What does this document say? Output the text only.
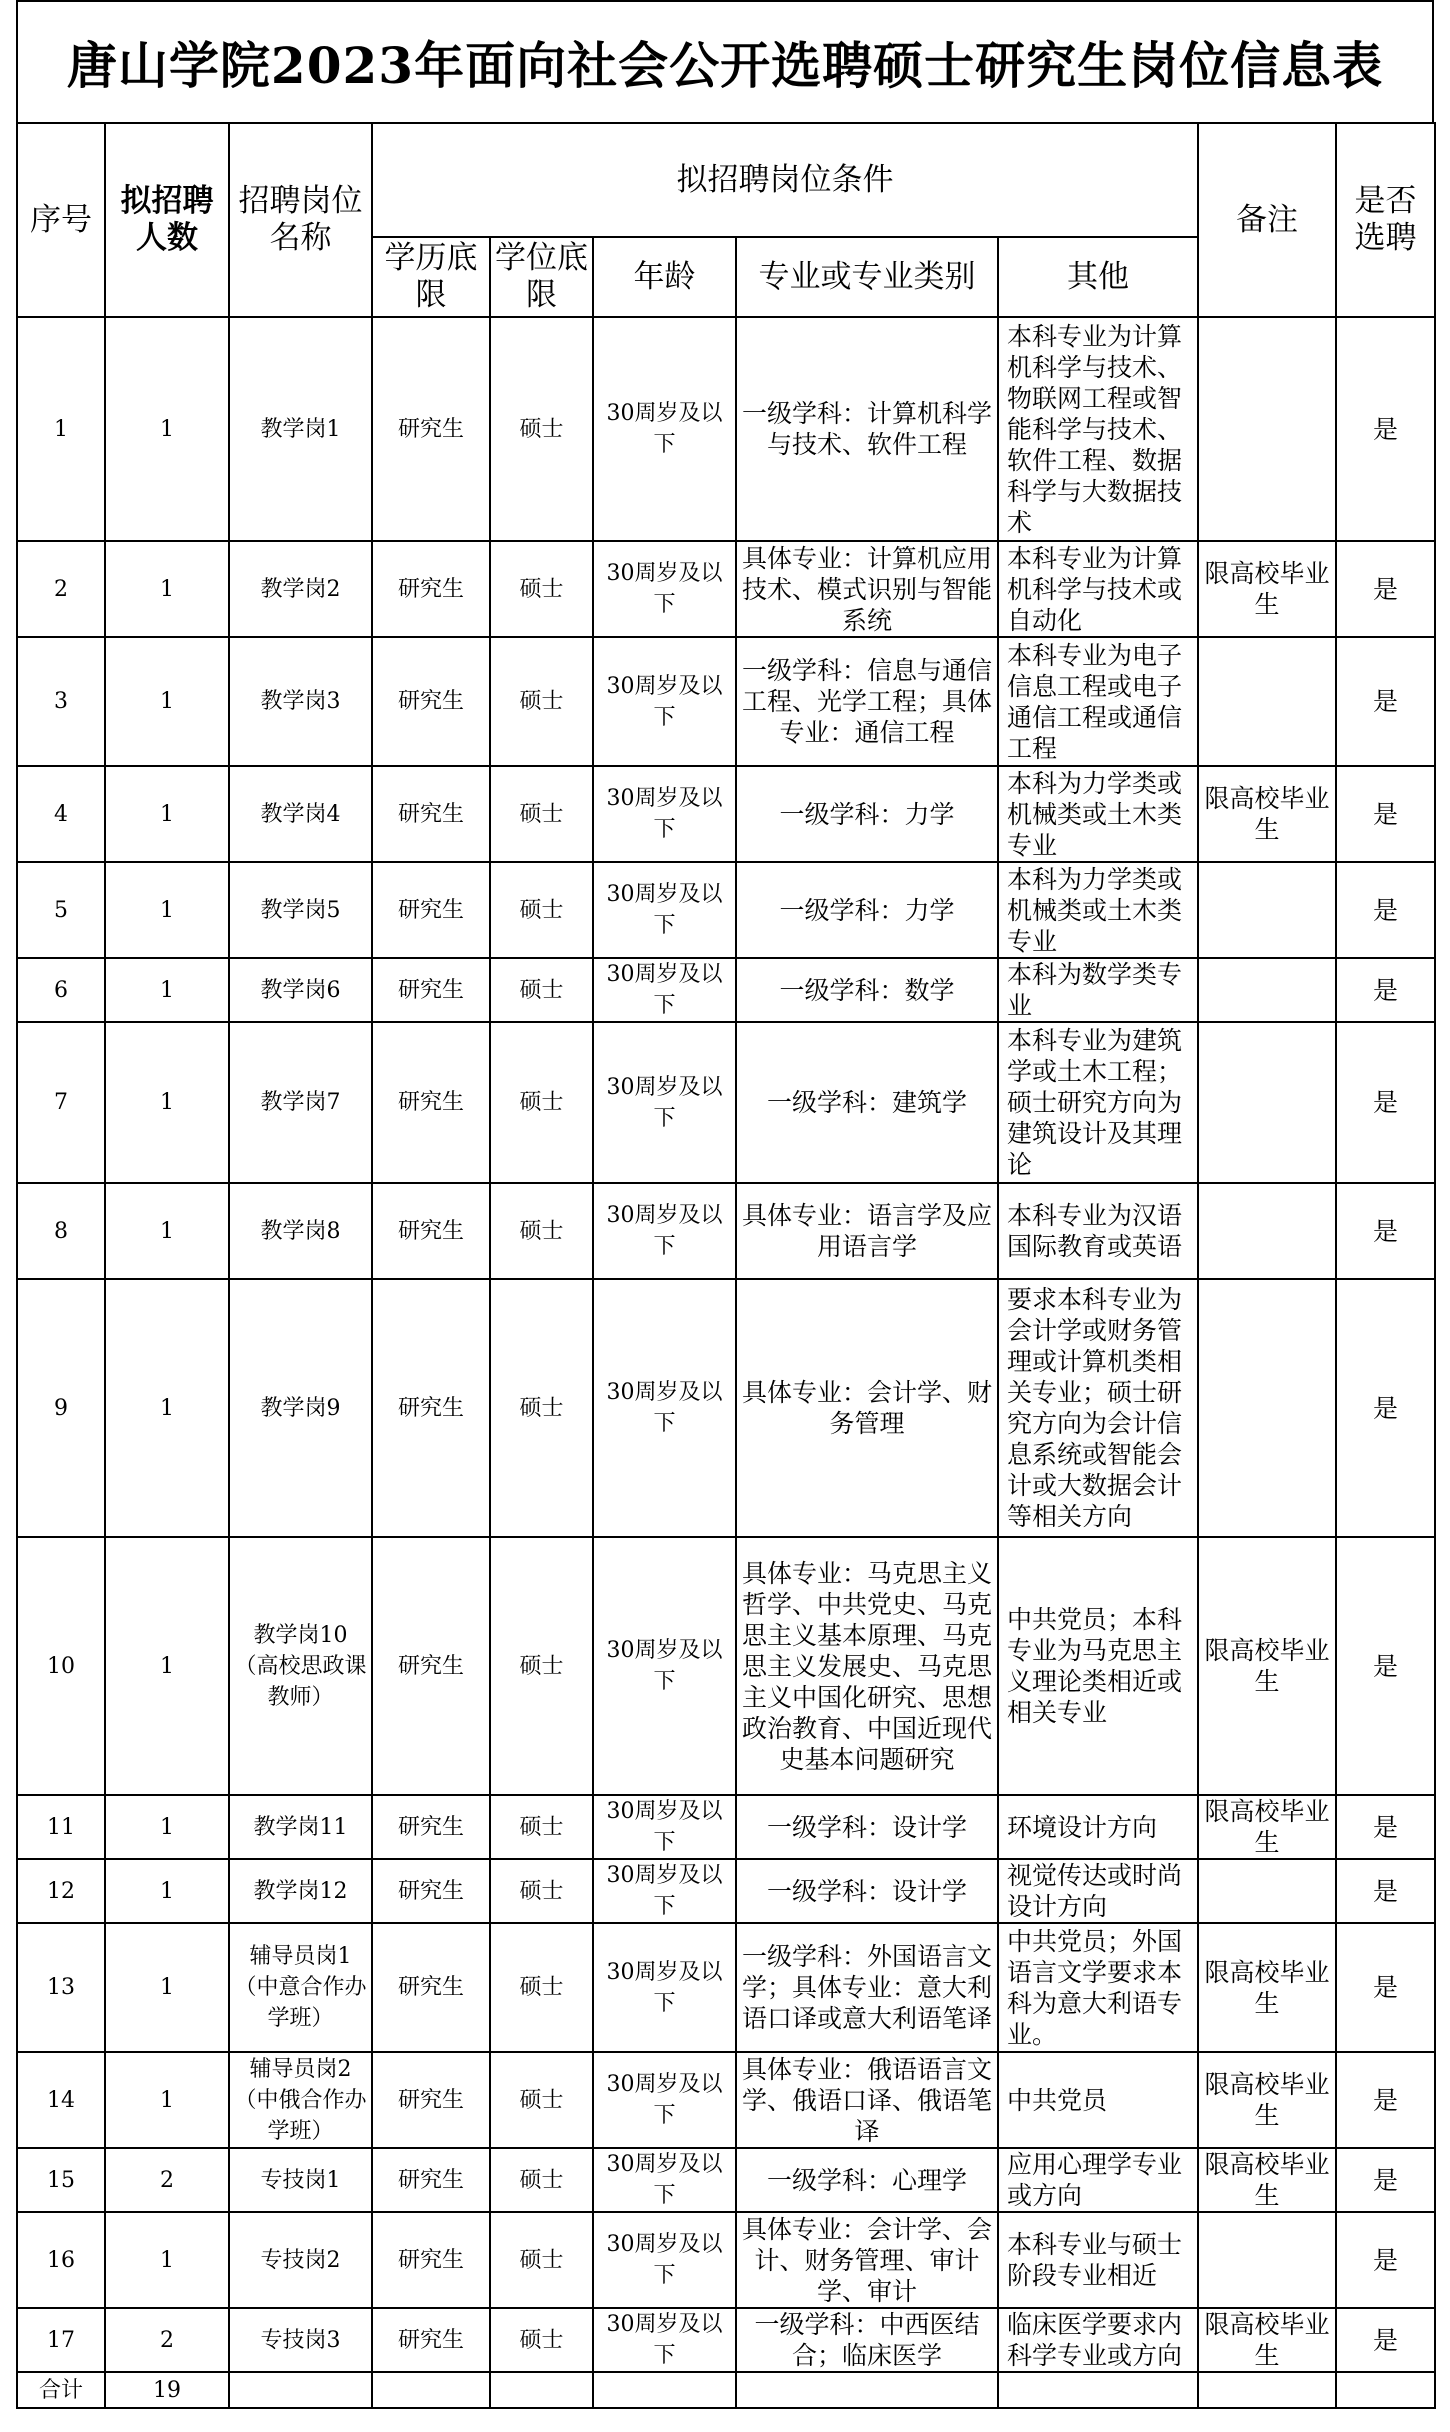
唐山学院2023年面向社会公开选聘硕士研究生岗位信息表
序号	拟招聘人数	招聘岗位名称	拟招聘岗位条件					备注	是否选聘
			学历底限	学位底限	年龄	专业或专业类别	其他		
1	1	教学岗1	研究生	硕士	30周岁及以下	一级学科：计算机科学与技术、软件工程	本科专业为计算机科学与技术、物联网工程或智能科学与技术、软件工程、数据科学与大数据技术		是
2	1	教学岗2	研究生	硕士	30周岁及以下	具体专业：计算机应用技术、模式识别与智能系统	本科专业为计算机科学与技术或自动化	限高校毕业生	是
3	1	教学岗3	研究生	硕士	30周岁及以下	一级学科：信息与通信工程、光学工程；具体专业：通信工程	本科专业为电子信息工程或电子通信工程或通信工程		是
4	1	教学岗4	研究生	硕士	30周岁及以下	一级学科：力学	本科为力学类或机械类或土木类专业	限高校毕业生	是
5	1	教学岗5	研究生	硕士	30周岁及以下	一级学科：力学	本科为力学类或机械类或土木类专业		是
6	1	教学岗6	研究生	硕士	30周岁及以下	一级学科：数学	本科为数学类专业		是
7	1	教学岗7	研究生	硕士	30周岁及以下	一级学科：建筑学	本科专业为建筑学或土木工程；硕士研究方向为建筑设计及其理论		是
8	1	教学岗8	研究生	硕士	30周岁及以下	具体专业：语言学及应用语言学	本科专业为汉语国际教育或英语		是
9	1	教学岗9	研究生	硕士	30周岁及以下	具体专业：会计学、财务管理	要求本科专业为会计学或财务管理或计算机类相关专业；硕士研究方向为会计信息系统或智能会计或大数据会计等相关方向		是
10	1	教学岗10（高校思政课教师）	研究生	硕士	30周岁及以下	具体专业：马克思主义哲学、中共党史、马克思主义基本原理、马克思主义发展史、马克思主义中国化研究、思想政治教育、中国近现代史基本问题研究	中共党员；本科专业为马克思主义理论类相近或相关专业	限高校毕业生	是
11	1	教学岗11	研究生	硕士	30周岁及以下	一级学科：设计学	环境设计方向	限高校毕业生	是
12	1	教学岗12	研究生	硕士	30周岁及以下	一级学科：设计学	视觉传达或时尚设计方向		是
13	1	辅导员岗1（中意合作办学班）	研究生	硕士	30周岁及以下	一级学科：外国语言文学；具体专业：意大利语口译或意大利语笔译	中共党员；外国语言文学要求本科为意大利语专业。	限高校毕业生	是
14	1	辅导员岗2（中俄合作办学班）	研究生	硕士	30周岁及以下	具体专业：俄语语言文学、俄语口译、俄语笔译	中共党员	限高校毕业生	是
15	2	专技岗1	研究生	硕士	30周岁及以下	一级学科：心理学	应用心理学专业或方向	限高校毕业生	是
16	1	专技岗2	研究生	硕士	30周岁及以下	具体专业：会计学、会计、财务管理、审计学、审计	本科专业与硕士阶段专业相近		是
17	2	专技岗3	研究生	硕士	30周岁及以下	一级学科：中西医结合；临床医学	临床医学要求内科学专业或方向	限高校毕业生	是
合计	19								
